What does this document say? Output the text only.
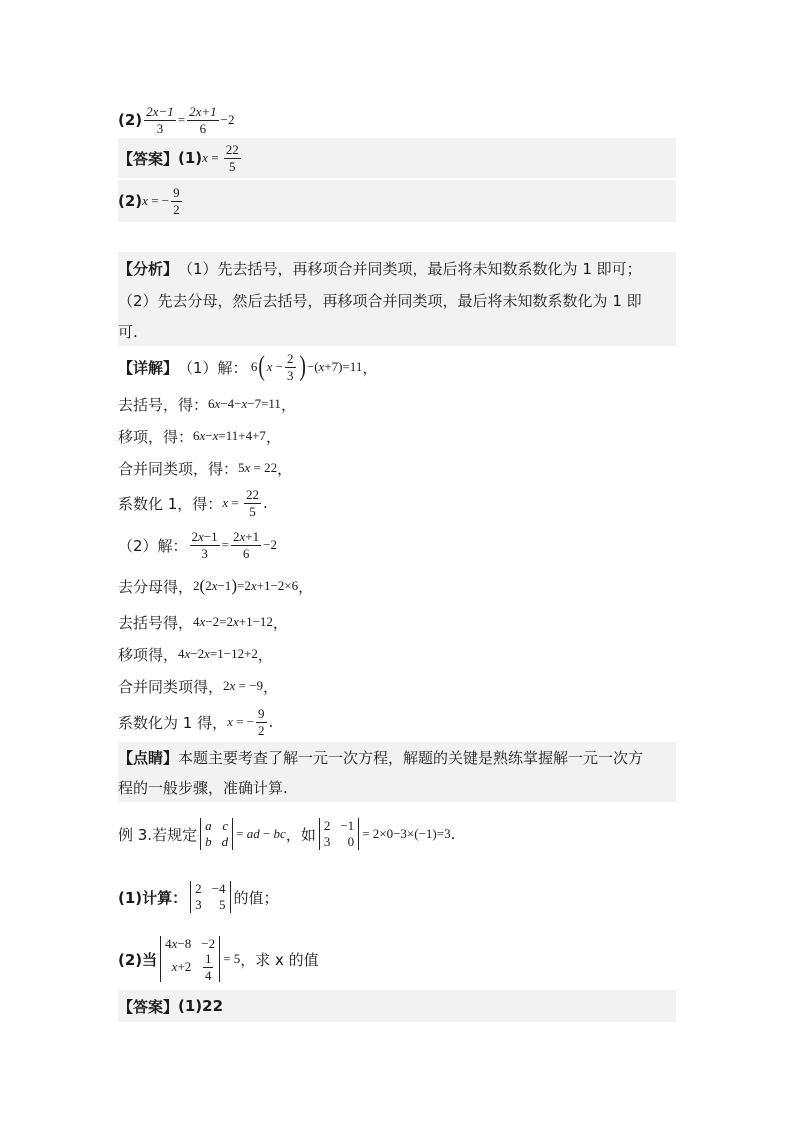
$(2) \frac{2x-1}{3} = \frac{2x+1}{6} -2$
【答案】 (1) $x = \frac{22}{5}$
(2) x = − $\frac{9}{2}$
【分析】 （1）先去括号，再移项合并同类项，最后将未知数系数化为 1 即可；
（2）先去分母，然后去括号，再移项合并同类项，最后将未知数系数化为 1 即
可.
【详解】 （1）解： 6 ( $x - \frac{2}{3}$ ) − ( x +7)=11 ，
去括号，得： 6 x −4− x −7=11 ，
移项，得： 6 x − x =11+4+7 ，
合并同类项，得： 5 x = 22 ，
系数化 1，得： $x = \frac{22}{5}$ .
（2）解： $\frac{2x-1}{3} = \frac{2x+1}{6} -2$
去分母得， 2 ( 2 x −1 ) =2 x +1−2×6 ，
去括号得， 4 x −2=2 x +1−12 ，
移项得， 4 x −2 x =1−12+2 ，
合并同类项得， 2 x = −9 ，
系数化为 1 得， x = − $\frac{9}{2}$ .
【点睛】 本题主要考查了解一元一次方程，解题的关键是熟练掌握解一元一次方
程的一般步骤，准确计算.
例 3.若规定
a c
b d
= ad − bc ，如
2 −1
3	0
= 2×0−3×(−1)=3 .
(1)计算：
2 −4
3	5 的值；
(2)当
4x−8 −2
$x+2 \frac{1}{4} = 5$ ，求 x 的值
【答案】 (1)22
